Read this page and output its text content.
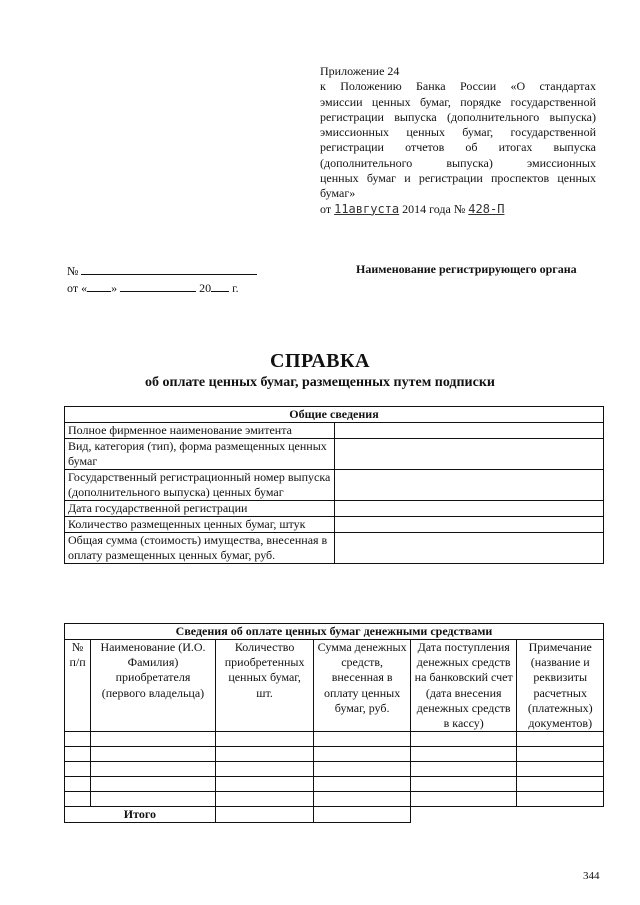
Приложение 24
к Положению Банка России «О стандартах
эмиссии ценных бумаг, порядке государственной
регистрации выпуска (дополнительного выпуска)
эмиссионных ценных бумаг, государственной
регистрации отчетов об итогах выпуска
(дополнительного выпуска) эмиссионных
ценных бумаг и регистрации проспектов ценных
бумаг»
от 11августа 2014 года № 428-П
№
от « »	20 г.
Наименование регистрирующего органа
СПРАВКА
об оплате ценных бумаг, размещенных путем подписки
Общие сведения	
Полное фирменное наименование эмитента	
Вид, категория (тип), форма размещенных ценных бумаг	
Государственный регистрационный номер выпуска (дополнительного выпуска) ценных бумаг	
Дата государственной регистрации	
Количество размещенных ценных бумаг, штук	
Общая сумма (стоимость) имущества, внесенная в оплату размещенных ценных бумаг, руб.	
Сведения об оплате ценных бумаг денежными средствами					
№ п/п	Наименование (И.О. Фамилия) приобретателя (первого владельца)	Количество приобретенных ценных бумаг, шт.	Сумма денежных средств, внесенная в оплату ценных бумаг, руб.	Дата поступления денежных средств на банковский счет (дата внесения денежных средств в кассу)	Примечание (название и реквизиты расчетных (платежных) документов)

Итого					
344
